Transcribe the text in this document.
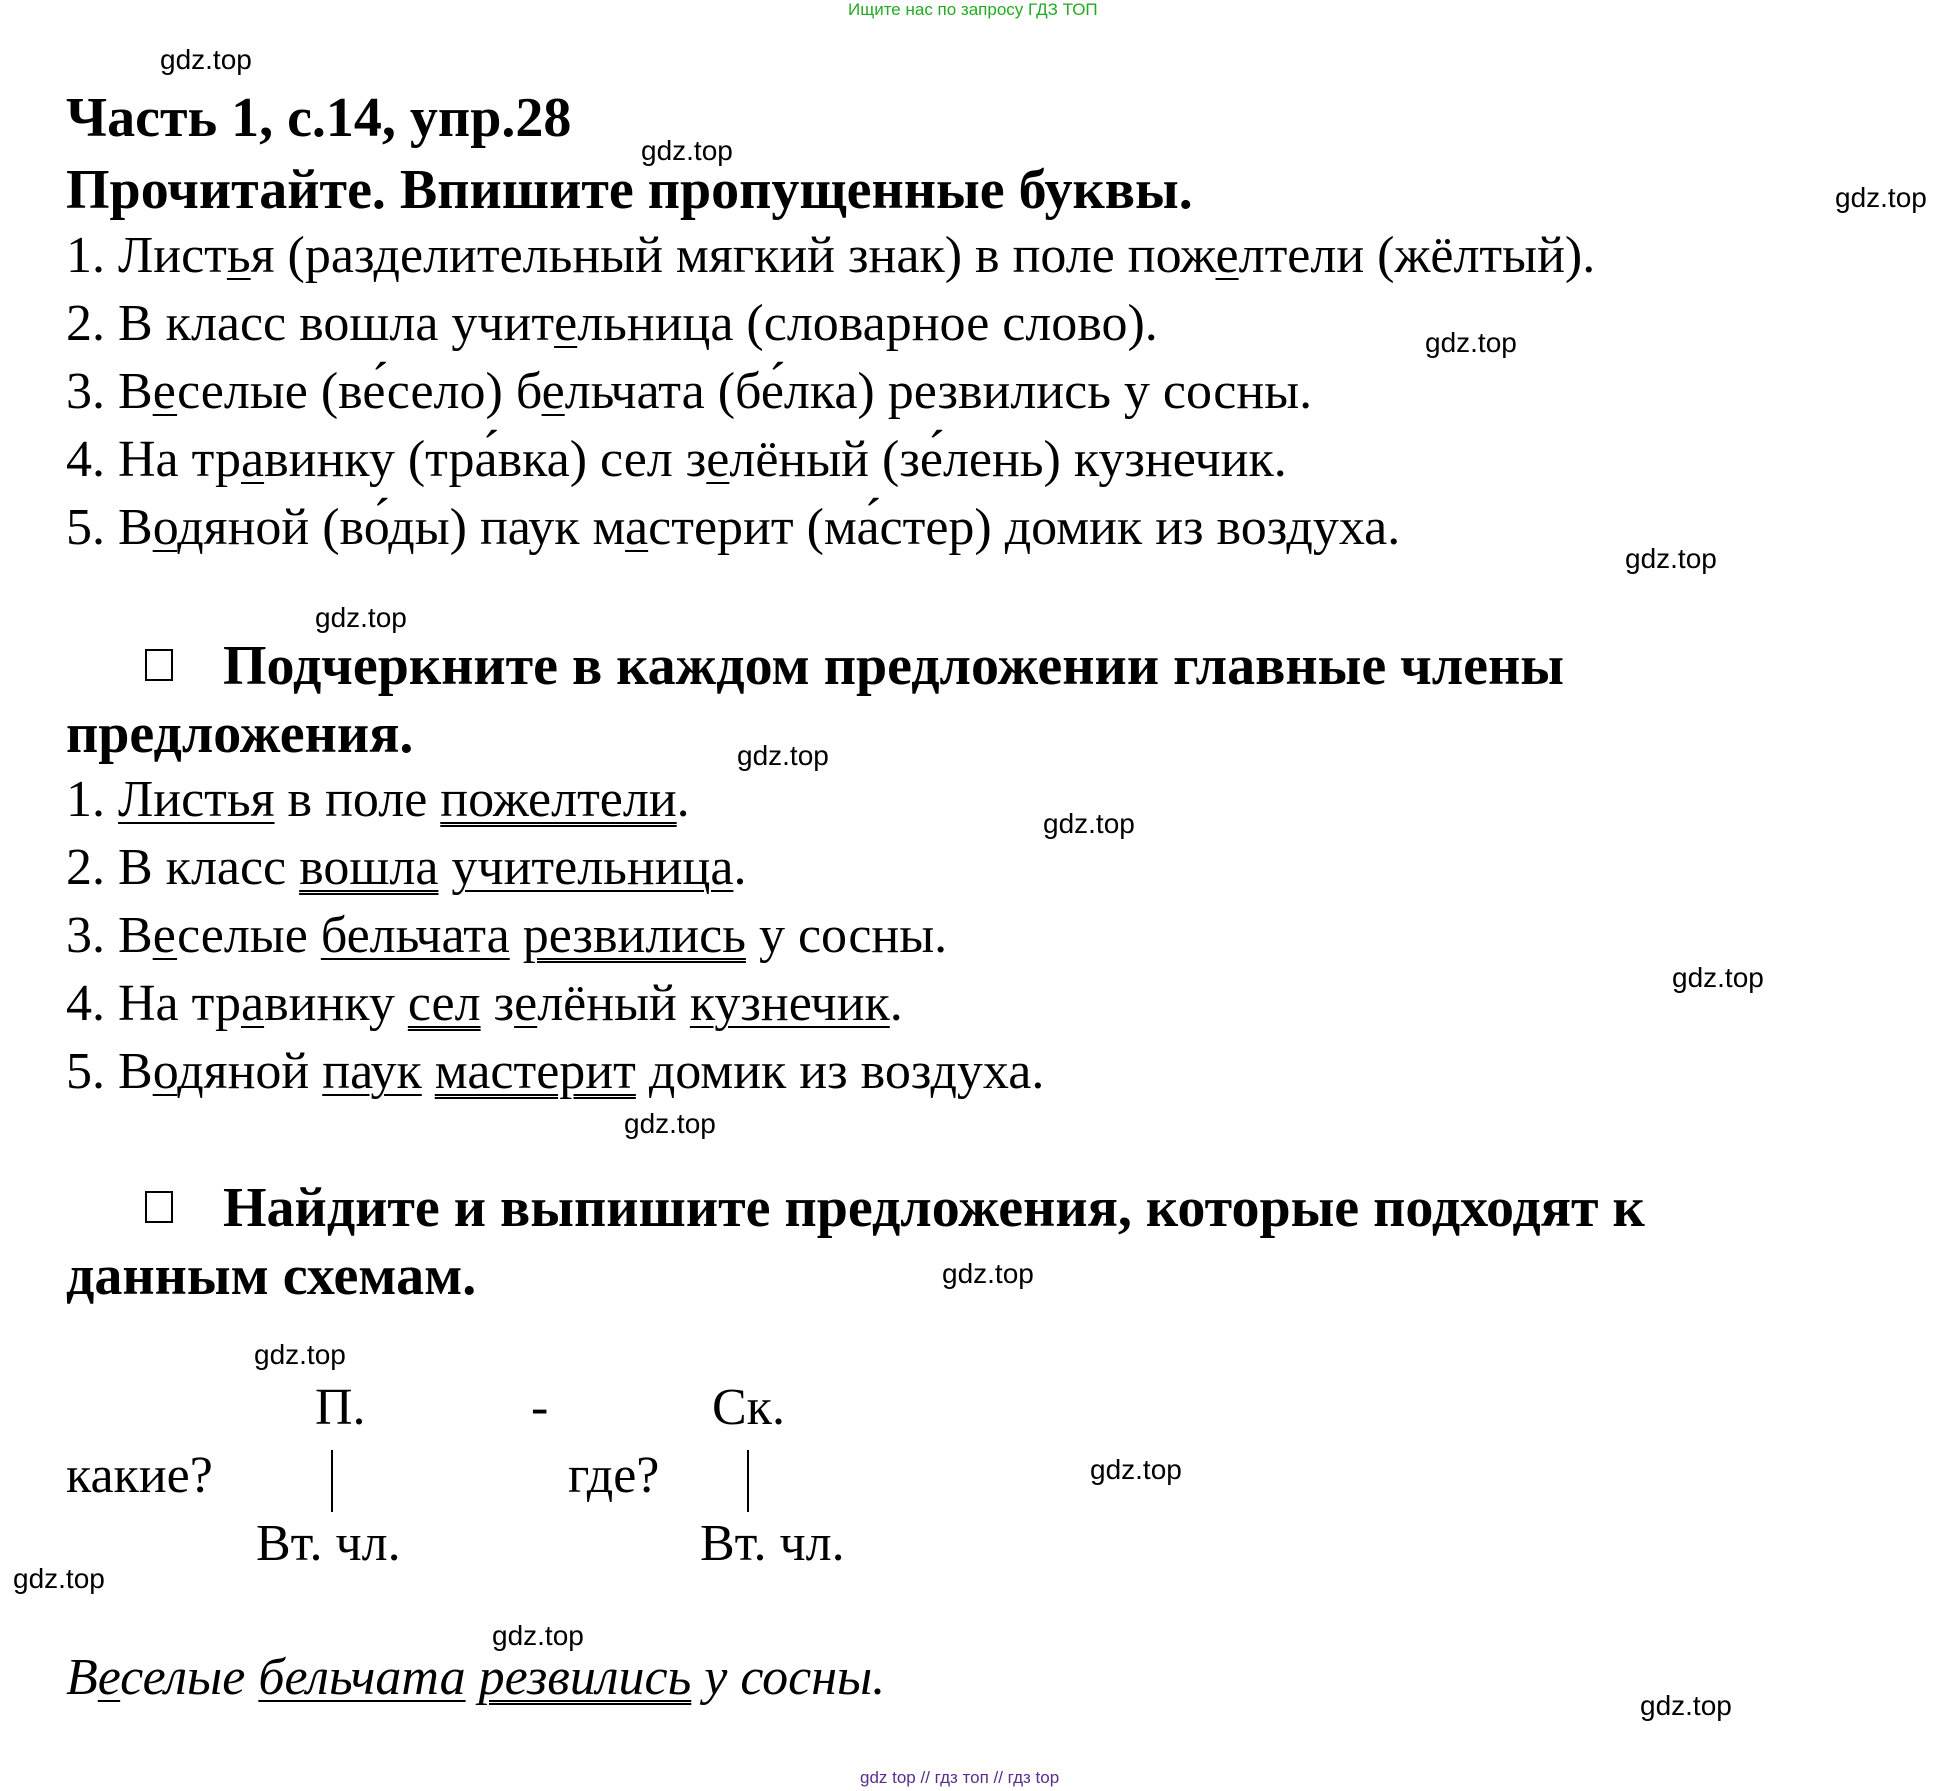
Ищите нас по запросу ГДЗ ТОП
gdz.top
gdz.top
gdz.top
gdz.top
gdz.top
gdz.top
gdz.top
gdz.top
gdz.top
gdz.top
gdz.top
gdz.top
gdz.top
gdz.top
gdz.top
gdz.top
Часть 1, с.14, упр.28
Прочитайте. Впишите пропущенные буквы.
1. Листья (разделительный мягкий знак) в поле пожелтели (жёлтый).
2. В класс вошла учительница (словарное слово).
3. Веселые (ве́село) бельчата (бе́лка) резвились у сосны.
4. На травинку (тра́вка) сел зелёный (зе́лень) кузнечик.
5. Водяной (во́ды) паук мастерит (ма́стер) домик из воздуха.
Подчеркните в каждом предложении главные члены
предложения.
1. Листья в поле пожелтели.
2. В класс вошла учительница.
3. Веселые бельчата резвились у сосны.
4. На травинку сел зелёный кузнечик.
5. Водяной паук мастерит домик из воздуха.
Найдите и выпишите предложения, которые подходят к
данным схемам.
П.	-	Ск.
какие?	где?
Вт. чл.	Вт. чл.
Веселые бельчата резвились у сосны.
gdz top // гдз топ // гдз top
